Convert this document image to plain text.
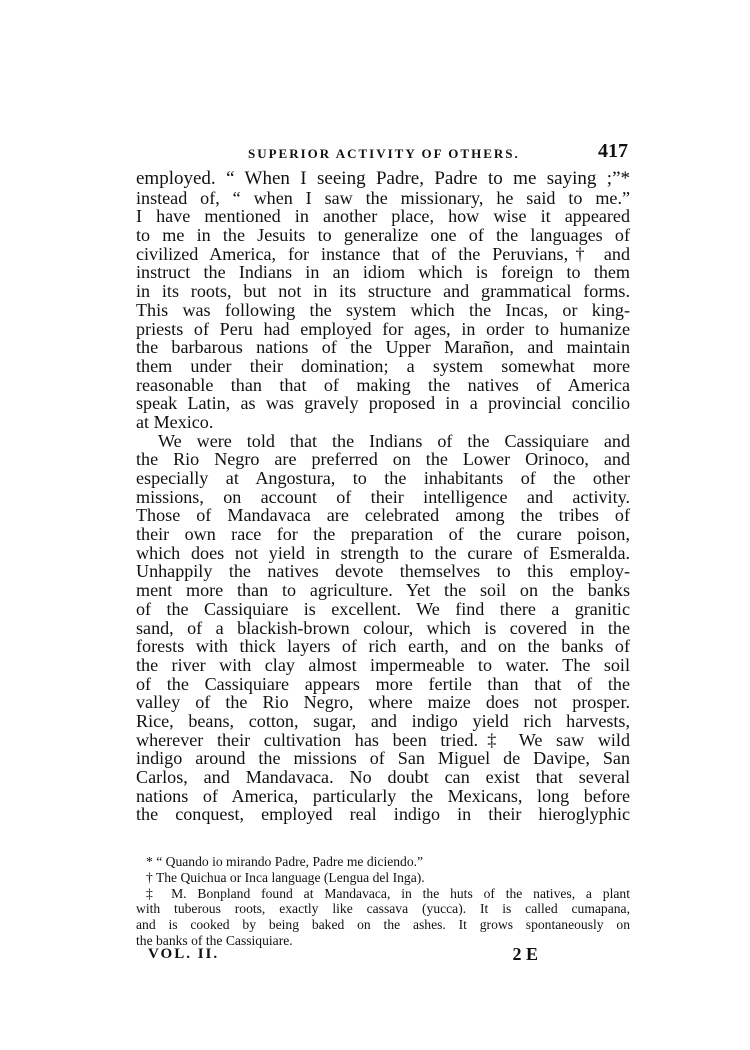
SUPERIOR ACTIVITY OF OTHERS.	417
employed. “ When I seeing Padre, Padre to me saying ;”*
instead of, “ when I saw the missionary, he said to me.”
I have mentioned in another place, how wise it appeared
to me in the Jesuits to generalize one of the languages of
civilized America, for instance that of the Peruvians,† and
instruct the Indians in an idiom which is foreign to them
in its roots, but not in its structure and grammatical forms.
This was following the system which the Incas, or king-
priests of Peru had employed for ages, in order to humanize
the barbarous nations of the Upper Marañon, and maintain
them under their domination; a system somewhat more
reasonable than that of making the natives of America
speak Latin, as was gravely proposed in a provincial concilio
at Mexico.
We were told that the Indians of the Cassiquiare and
the Rio Negro are preferred on the Lower Orinoco, and
especially at Angostura, to the inhabitants of the other
missions, on account of their intelligence and activity.
Those of Mandavaca are celebrated among the tribes of
their own race for the preparation of the curare poison,
which does not yield in strength to the curare of Esmeralda.
Unhappily the natives devote themselves to this employ-
ment more than to agriculture. Yet the soil on the banks
of the Cassiquiare is excellent. We find there a granitic
sand, of a blackish-brown colour, which is covered in the
forests with thick layers of rich earth, and on the banks of
the river with clay almost impermeable to water. The soil
of the Cassiquiare appears more fertile than that of the
valley of the Rio Negro, where maize does not prosper.
Rice, beans, cotton, sugar, and indigo yield rich harvests,
wherever their cultivation has been tried.‡ We saw wild
indigo around the missions of San Miguel de Davipe, San
Carlos, and Mandavaca. No doubt can exist that several
nations of America, particularly the Mexicans, long before
the conquest, employed real indigo in their hieroglyphic
* “ Quando io mirando Padre, Padre me diciendo.”
† The Quichua or Inca language (Lengua del Inga).
‡ M. Bonpland found at Mandavaca, in the huts of the natives, a plant
with tuberous roots, exactly like cassava (yucca). It is called cumapana,
and is cooked by being baked on the ashes. It grows spontaneously on
the banks of the Cassiquiare.
VOL. II.	2 E
